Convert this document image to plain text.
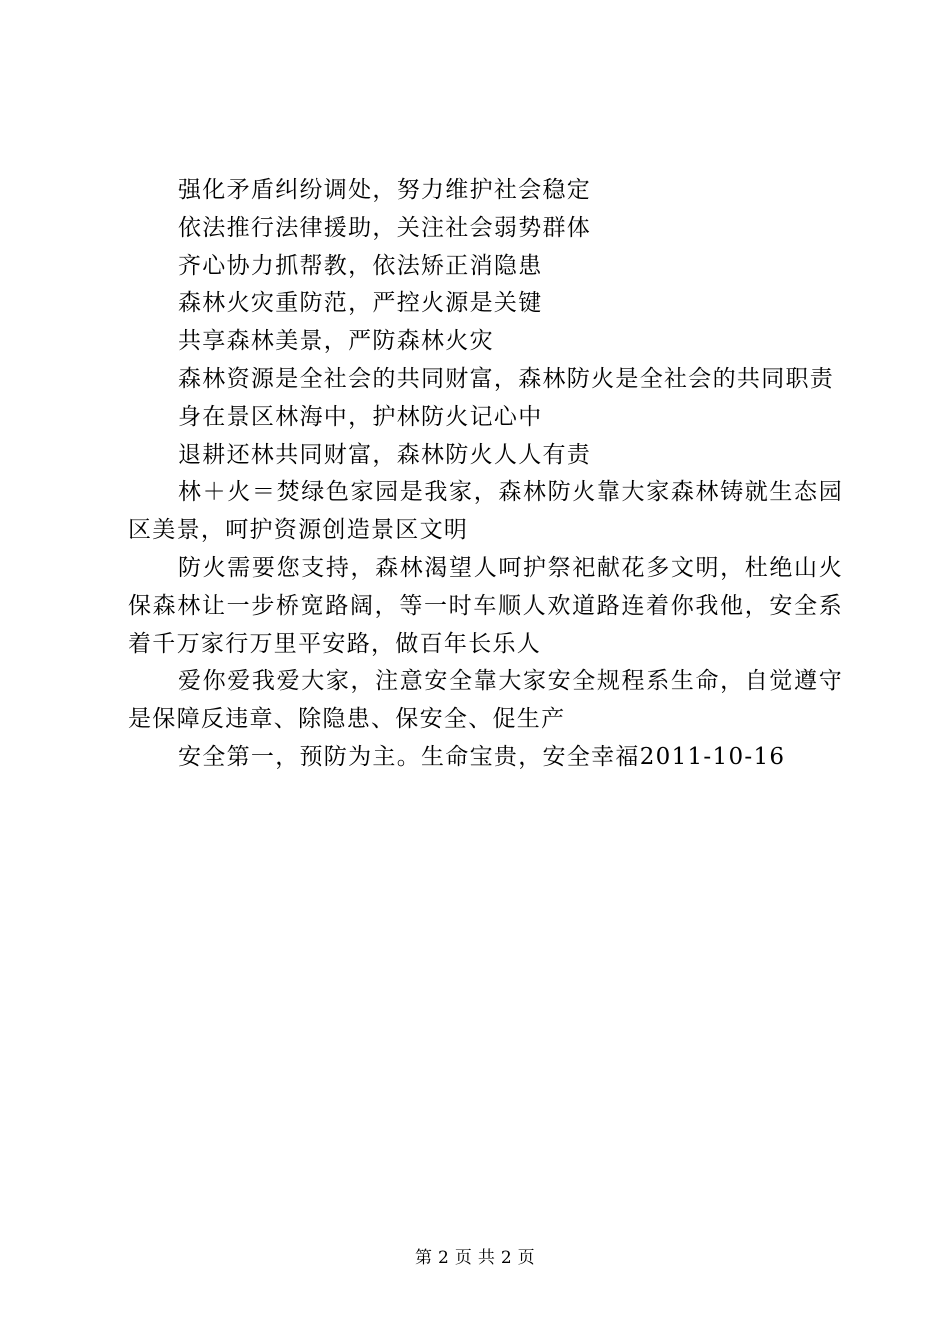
强化矛盾纠纷调处，努力维护社会稳定

依法推行法律援助，关注社会弱势群体

齐心协力抓帮教，依法矫正消隐患

森林火灾重防范，严控火源是关键

共享森林美景，严防森林火灾

森林资源是全社会的共同财富，森林防火是全社会的共同职责

身在景区林海中，护林防火记心中

退耕还林共同财富，森林防火人人有责

林＋火＝焚绿色家园是我家，森林防火靠大家森林铸就生态园区美景，呵护资源创造景区文明

防火需要您支持，森林渴望人呵护祭祀献花多文明，杜绝山火保森林让一步桥宽路阔，等一时车顺人欢道路连着你我他，安全系着千万家行万里平安路，做百年长乐人

爱你爱我爱大家，注意安全靠大家安全规程系生命，自觉遵守是保障反违章、除隐患、保安全、促生产

安全第一，预防为主。生命宝贵，安全幸福2011-10-16

第 2 页 共 2 页
